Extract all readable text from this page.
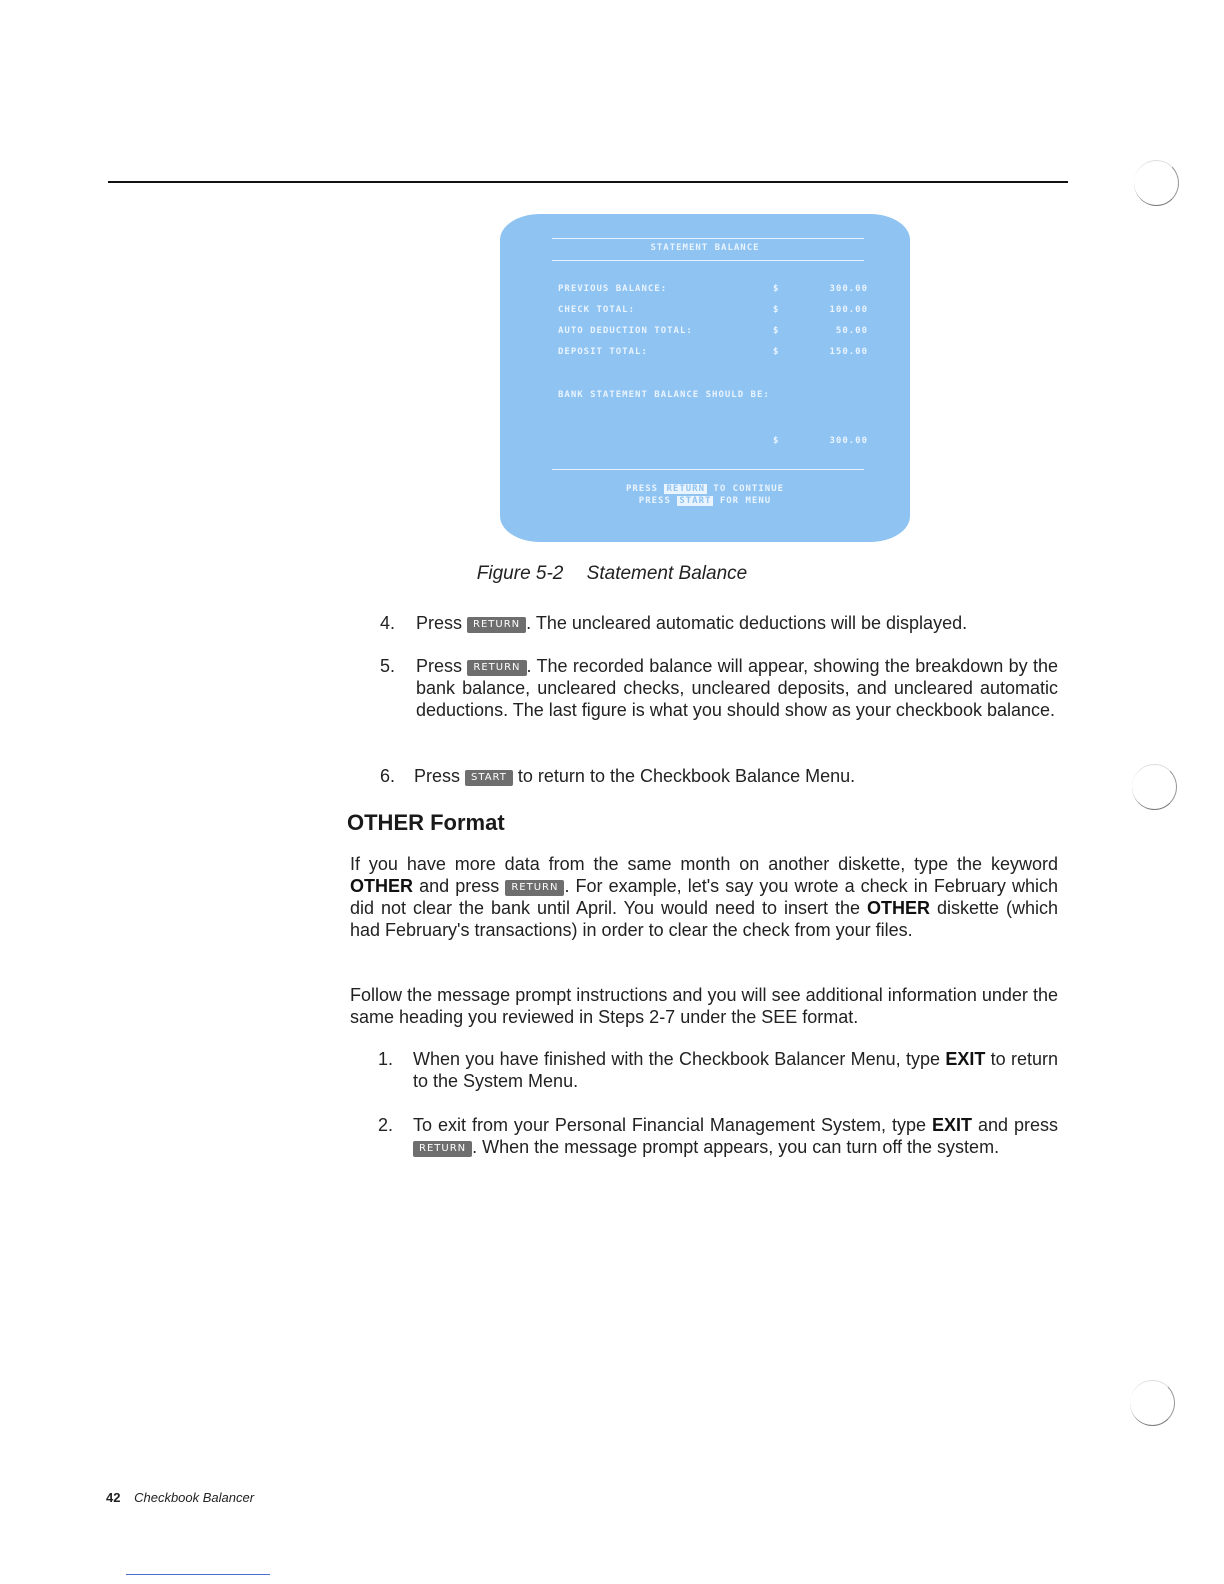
STATEMENT BALANCE
PREVIOUS BALANCE:	$	300.00
CHECK TOTAL:	$	100.00
AUTO DEDUCTION TOTAL:	$	50.00
DEPOSIT TOTAL:	$	150.00
BANK STATEMENT BALANCE SHOULD BE:
$	300.00
PRESS RETURN TO CONTINUE
PRESS START FOR MENU
Figure 5-2 Statement Balance
4. Press RETURN . The uncleared automatic deductions will be displayed.
5. Press RETURN . The recorded balance will appear, showing the breakdown by the bank balance, uncleared checks, uncleared deposits, and uncleared automatic deductions. The last figure is what you should show as your checkbook balance.
6. Press START to return to the Checkbook Balance Menu.
OTHER Format
If you have more data from the same month on another diskette, type the keyword OTHER and press RETURN . For example, let's say you wrote a check in February which did not clear the bank until April. You would need to insert the OTHER diskette (which had February's transactions) in order to clear the check from your files.
Follow the message prompt instructions and you will see additional information under the same heading you reviewed in Steps 2-7 under the SEE format.
1. When you have finished with the Checkbook Balancer Menu, type EXIT to return to the System Menu.
2. To exit from your Personal Financial Management System, type EXIT and press RETURN . When the message prompt appears, you can turn off the system.
42 Checkbook Balancer
